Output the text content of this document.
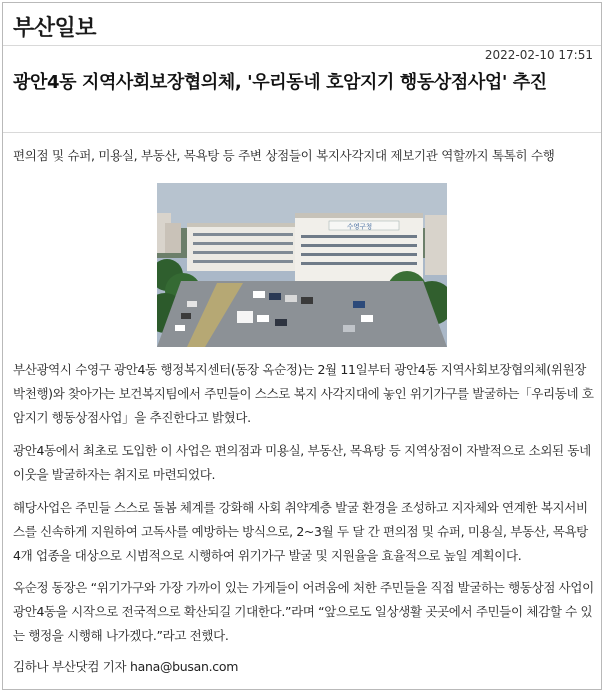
부산일보
2022-02-10 17:51
광안4동 지역사회보장협의체, '우리동네 호암지기 행동상점사업' 추진

편의점 및 슈퍼, 미용실, 부동산, 목욕탕 등 주변 상점들이 복지사각지대 제보기관 역할까지 톡톡히 수행

수영구청

부산광역시 수영구 광안4동 행정복지센터(동장 옥순정)는 2월 11일부터 광안4동 지역사회보장협의체(위원장 박천행)와 찾아가는 보건복지팀에서 주민들이 스스로 복지 사각지대에 놓인 위기가구를 발굴하는「우리동네 호암지기 행동상점사업」을 추진한다고 밝혔다.

광안4동에서 최초로 도입한 이 사업은 편의점과 미용실, 부동산, 목욕탕 등 지역상점이 자발적으로 소외된 동네 이웃을 발굴하자는 취지로 마련되었다.

해당사업은 주민들 스스로 돌봄 체계를 강화해 사회 취약계층 발굴 환경을 조성하고 지자체와 연계한 복지서비스를 신속하게 지원하여 고독사를 예방하는 방식으로, 2~3월 두 달 간 편의점 및 슈퍼, 미용실, 부동산, 목욕탕 4개 업종을 대상으로 시범적으로 시행하여 위기가구 발굴 및 지원율을 효율적으로 높일 계획이다.

옥순정 동장은 “위기가구와 가장 가까이 있는 가게들이 어려움에 처한 주민들을 직접 발굴하는 행동상점 사업이 광안4동을 시작으로 전국적으로 확산되길 기대한다.”라며 “앞으로도 일상생활 곳곳에서 주민들이 체감할 수 있는 행정을 시행해 나가겠다.”라고 전했다.

김하나 부산닷컴 기자 hana@busan.com
